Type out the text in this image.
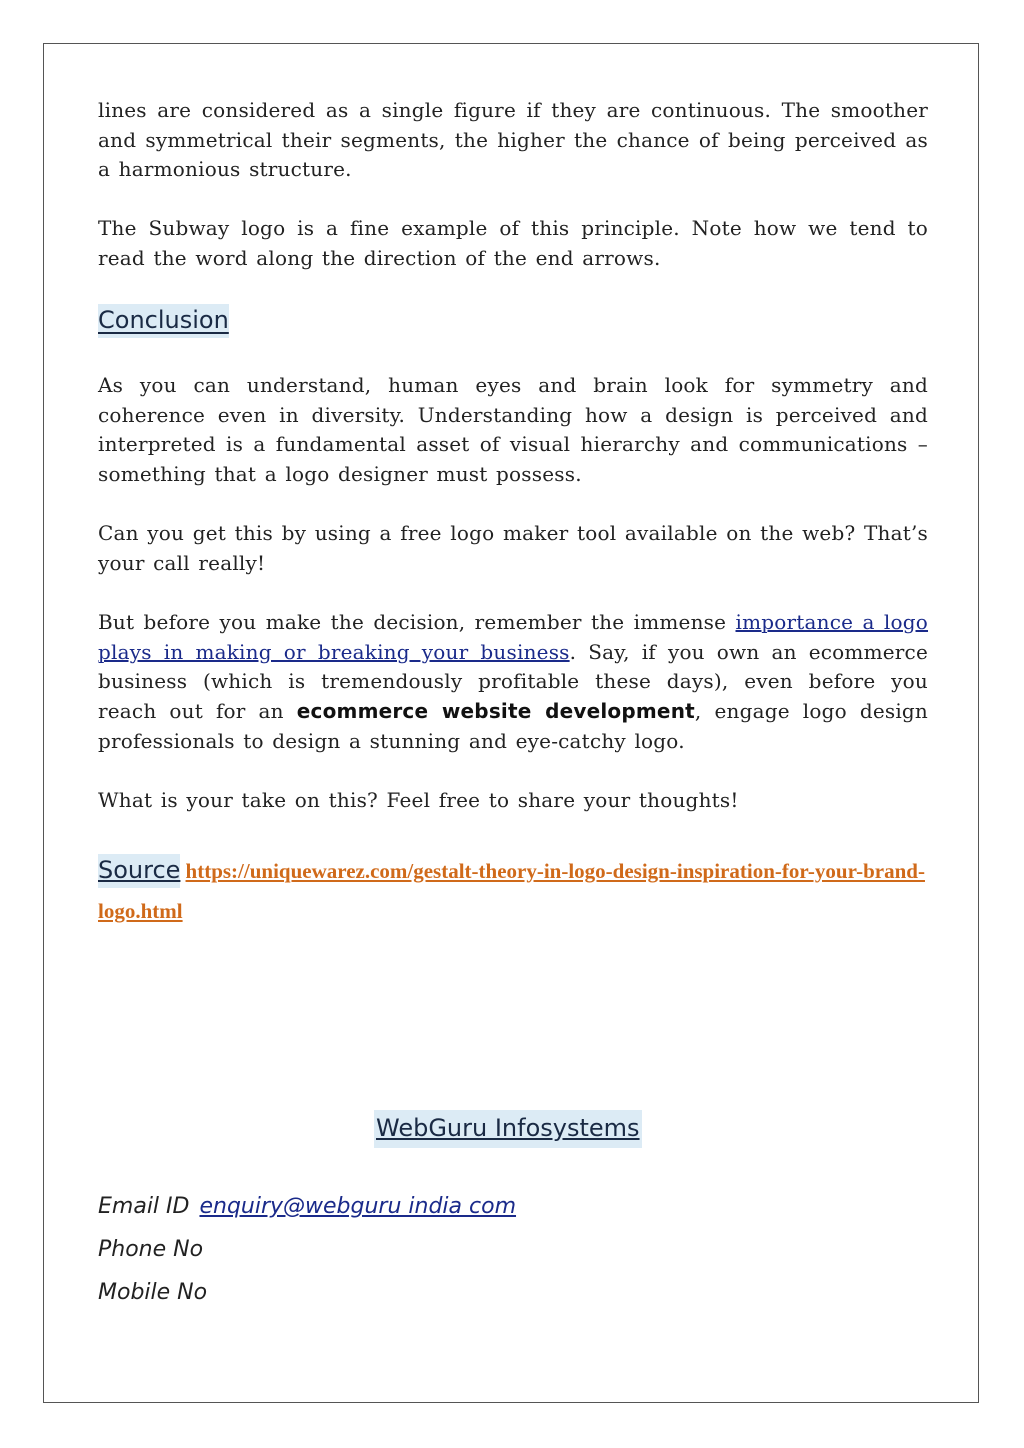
lines are considered as a single figure if they are continuous. The smoother and symmetrical their segments, the higher the chance of being perceived as a harmonious structure.

The Subway logo is a fine example of this principle. Note how we tend to read the word along the direction of the end arrows.

Conclusion

As you can understand, human eyes and brain look for symmetry and coherence even in diversity. Understanding how a design is perceived and interpreted is a fundamental asset of visual hierarchy and communications – something that a logo designer must possess.

Can you get this by using a free logo maker tool available on the web? That’s your call really!

But before you make the decision, remember the immense importance a logo plays in making or breaking your business. Say, if you own an ecommerce business (which is tremendously profitable these days), even before you reach out for an ecommerce website development, engage logo design professionals to design a stunning and eye-catchy logo.

What is your take on this? Feel free to share your thoughts!

Source https://uniquewarez.com/gestalt-theory-in-logo-design-inspiration-for-your-brand-logo.html
WebGuru Infosystems
Email ID enquiry@webguru india com
Phone No
Mobile No
